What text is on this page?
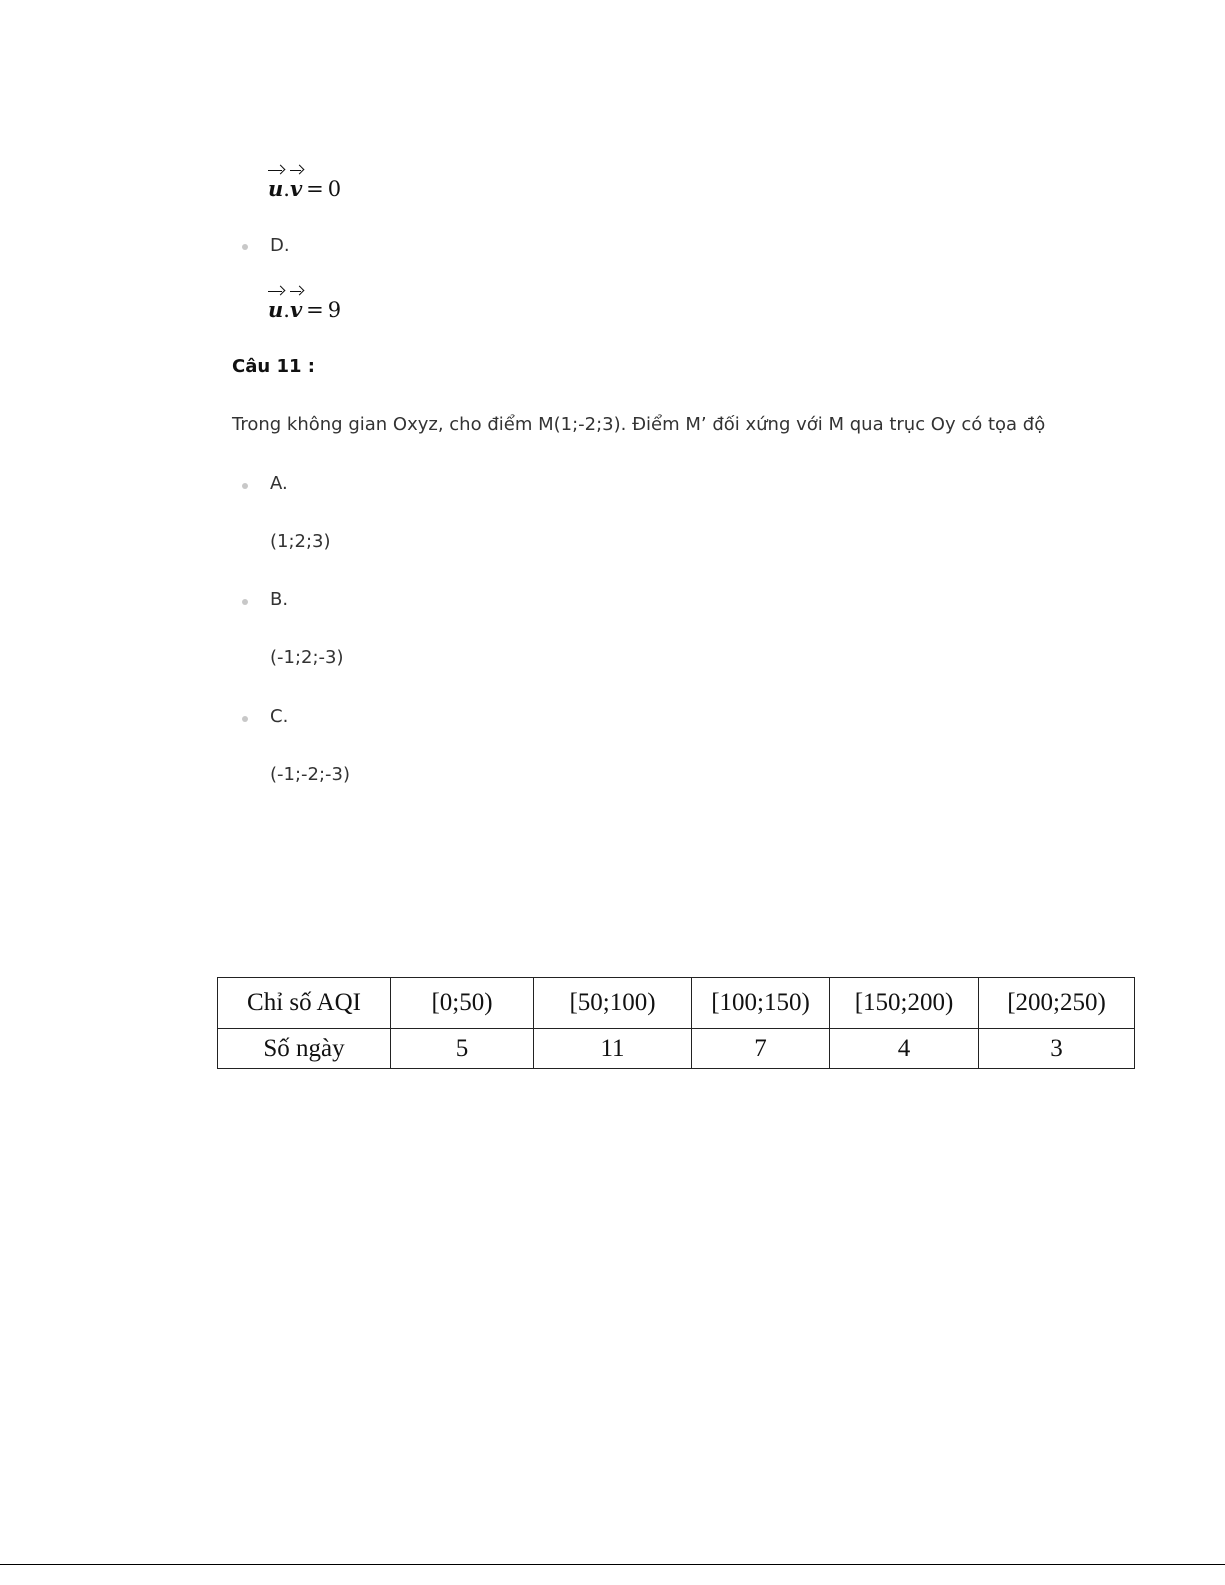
u.v = 0
D.
u.v = 9
Câu 11 :
Trong không gian Oxyz, cho điểm M(1;-2;3). Điểm M’ đối xứng với M qua trục Oy có tọa độ
A.
(1;2;3)
B.
(-1;2;-3)
C.
(-1;-2;-3)
Chỉ số AQI	[0;50)	[50;100)	[100;150)	[150;200)	[200;250)
Số ngày	5	11	7	4	3
